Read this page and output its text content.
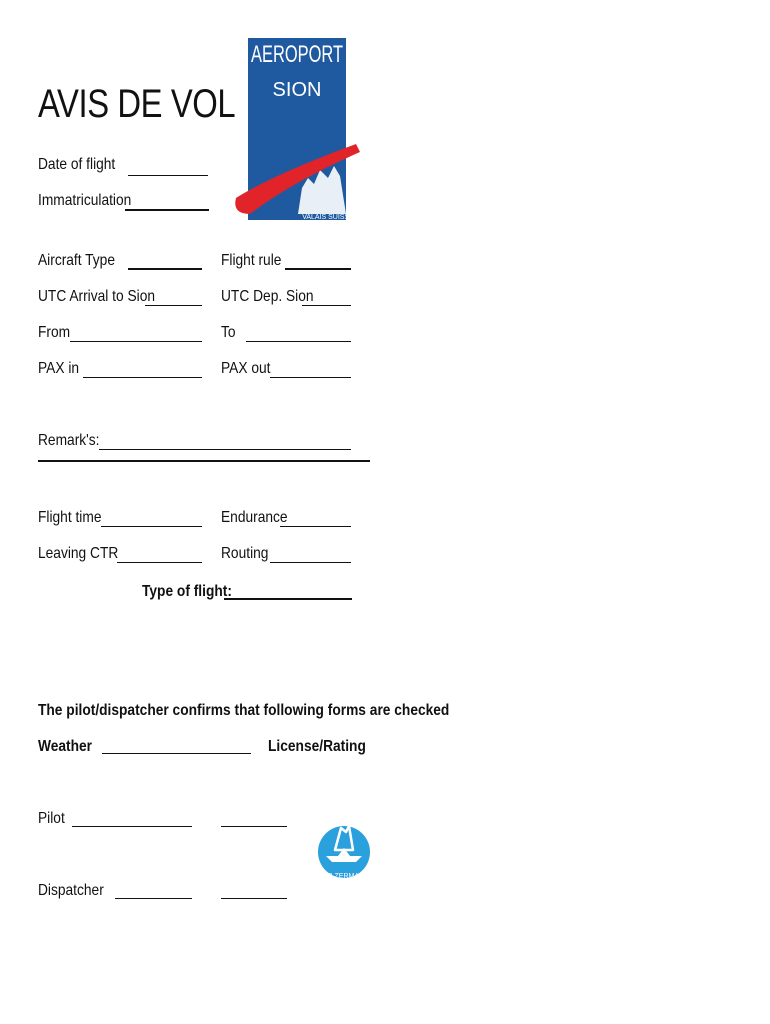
AVIS DE VOL
AEROPORT
SION
VALAIS SUISSE
Date of flight
Immatriculation
Aircraft Type	Flight rule
UTC Arrival to Sion	UTC Dep. Sion
From	To
PAX in	PAX out
Remark's:
Flight time	Endurance
Leaving CTR	Routing
Type of flight:
The pilot/dispatcher confirms that following forms are checked
Weather	License/Rating
Pilot
Dispatcher
AIR ZERMATT
